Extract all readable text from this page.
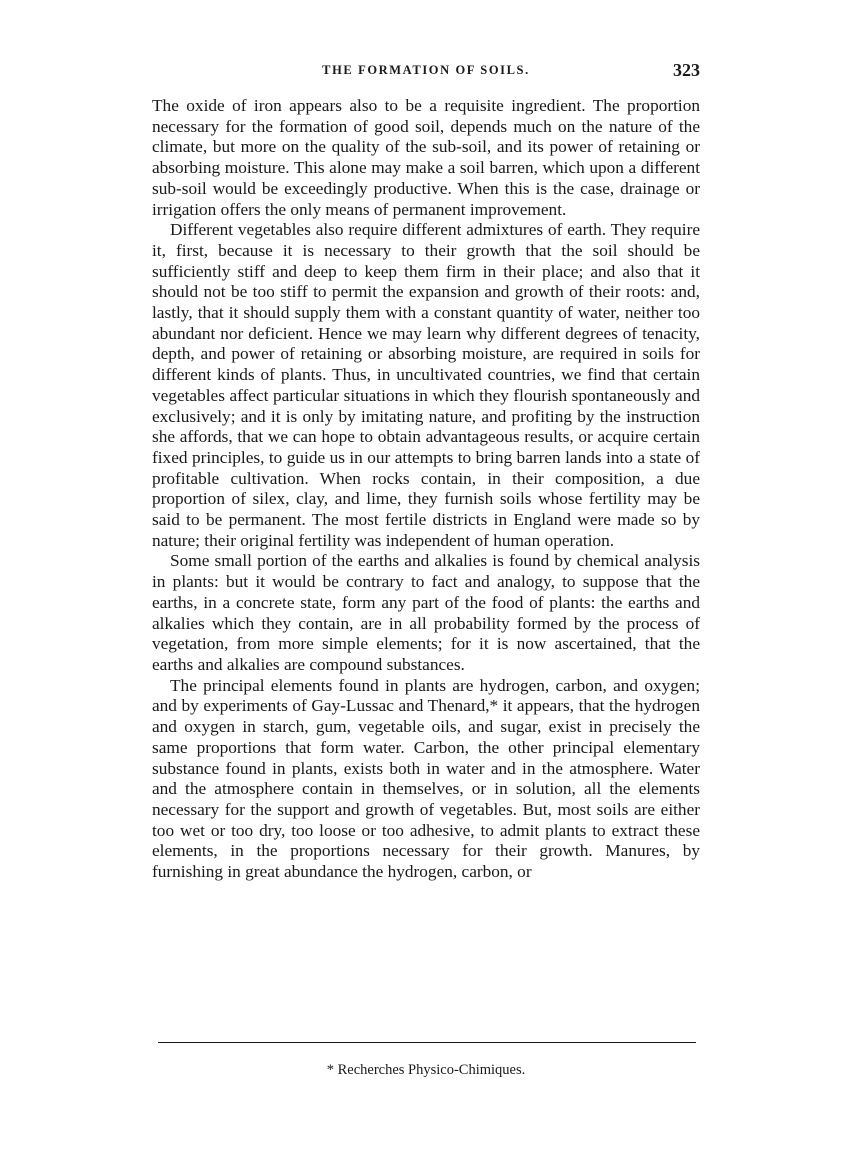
THE FORMATION OF SOILS.	323

The oxide of iron appears also to be a requisite ingredient. The proportion necessary for the formation of good soil, depends much on the nature of the climate, but more on the quality of the sub-soil, and its power of retaining or absorbing moisture. This alone may make a soil barren, which upon a different sub-soil would be exceedingly productive. When this is the case, drainage or irrigation offers the only means of permanent improvement.

Different vegetables also require different admixtures of earth. They require it, first, because it is necessary to their growth that the soil should be sufficiently stiff and deep to keep them firm in their place; and also that it should not be too stiff to permit the expansion and growth of their roots: and, lastly, that it should supply them with a constant quantity of water, neither too abundant nor deficient. Hence we may learn why different degrees of tenacity, depth, and power of retaining or absorbing moisture, are required in soils for different kinds of plants. Thus, in uncultivated countries, we find that certain vegetables affect particular situations in which they flourish spontaneously and exclusively; and it is only by imitating nature, and profiting by the instruction she affords, that we can hope to obtain advantageous results, or acquire certain fixed principles, to guide us in our attempts to bring barren lands into a state of profitable cultivation. When rocks contain, in their composition, a due proportion of silex, clay, and lime, they furnish soils whose fertility may be said to be permanent. The most fertile districts in England were made so by nature; their original fertility was independent of human operation.

Some small portion of the earths and alkalies is found by chemical analysis in plants: but it would be contrary to fact and analogy, to suppose that the earths, in a concrete state, form any part of the food of plants: the earths and alkalies which they contain, are in all probability formed by the process of vegetation, from more simple elements; for it is now ascertained, that the earths and alkalies are compound substances.

The principal elements found in plants are hydrogen, carbon, and oxygen; and by experiments of Gay-Lussac and Thenard,* it appears, that the hydrogen and oxygen in starch, gum, vegetable oils, and sugar, exist in precisely the same proportions that form water. Carbon, the other principal elementary substance found in plants, exists both in water and in the atmosphere. Water and the atmosphere contain in themselves, or in solution, all the elements necessary for the support and growth of vegetables. But, most soils are either too wet or too dry, too loose or too adhesive, to admit plants to extract these elements, in the proportions necessary for their growth. Manures, by furnishing in great abundance the hydrogen, carbon, or

* Recherches Physico-Chimiques.
